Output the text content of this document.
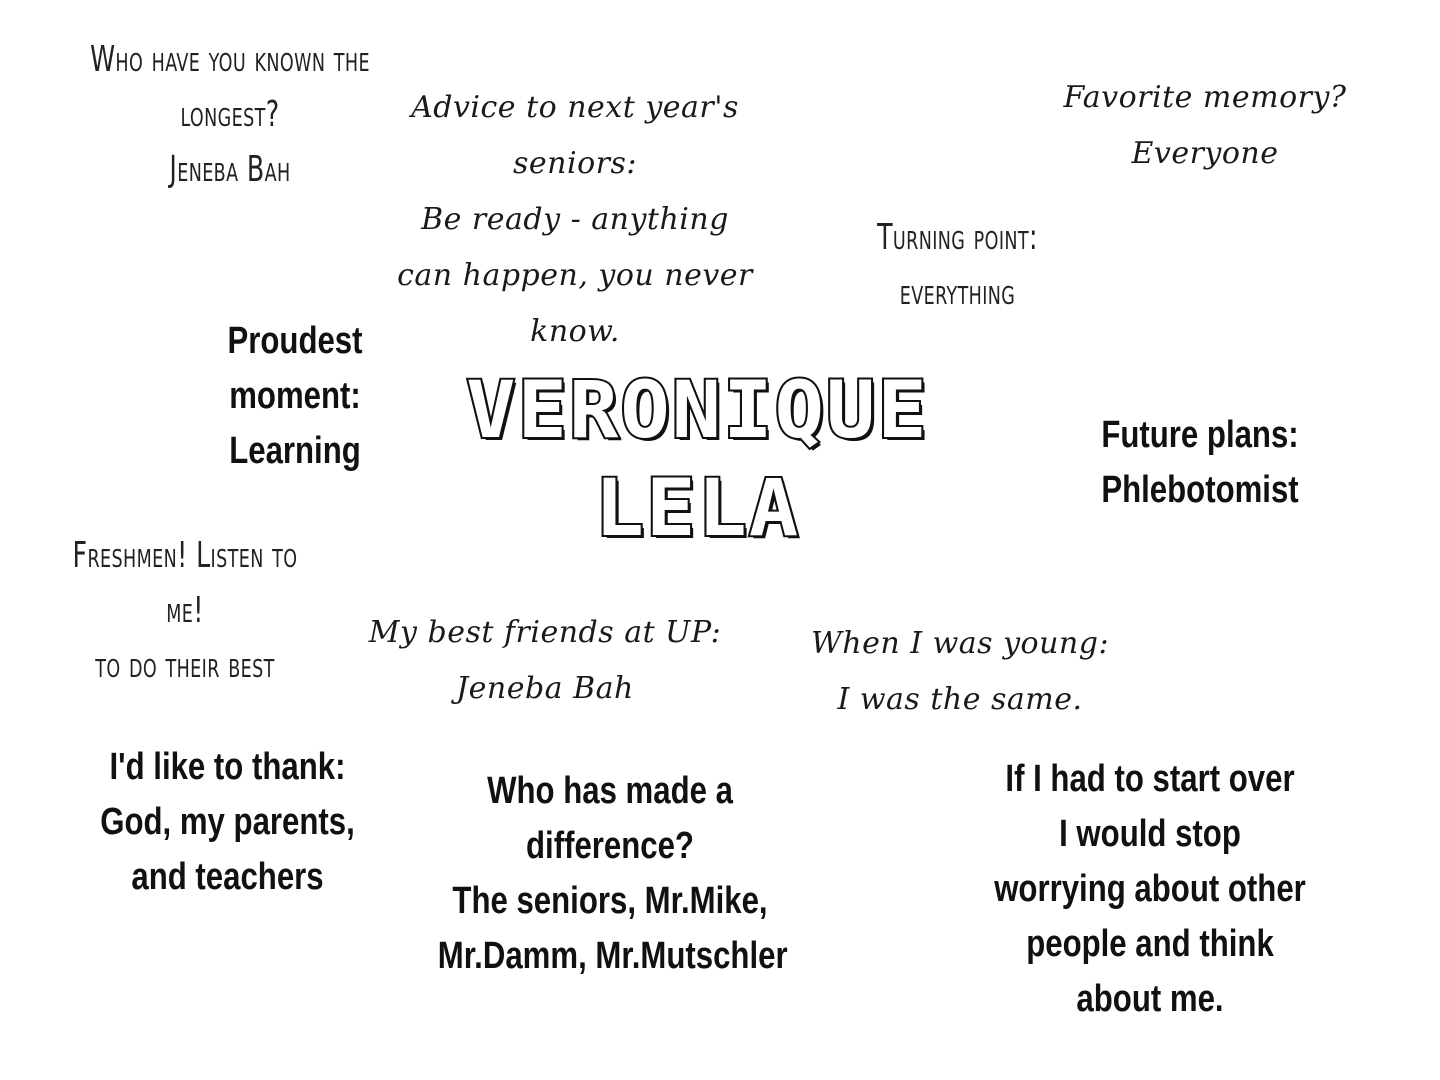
Who have you known the
longest?
Jeneba Bah
Advice to next year's
seniors:
Be ready - anything
can happen, you never
know.
Favorite memory?
Everyone
Turning point:
everything
Proudest
moment:
Learning	VERONIQUE
LELA
Future plans:
Phlebotomist
Freshmen! Listen to
me!
to do their best
My best friends at UP:
Jeneba Bah
When I was young:
I was the same.
I'd like to thank:
God, my parents,
and teachers
Who has made a
difference?
The seniors, Mr.Mike,
Mr.Damm, Mr.Mutschler
If I had to start over
I would stop
worrying about other
people and think
about me.
